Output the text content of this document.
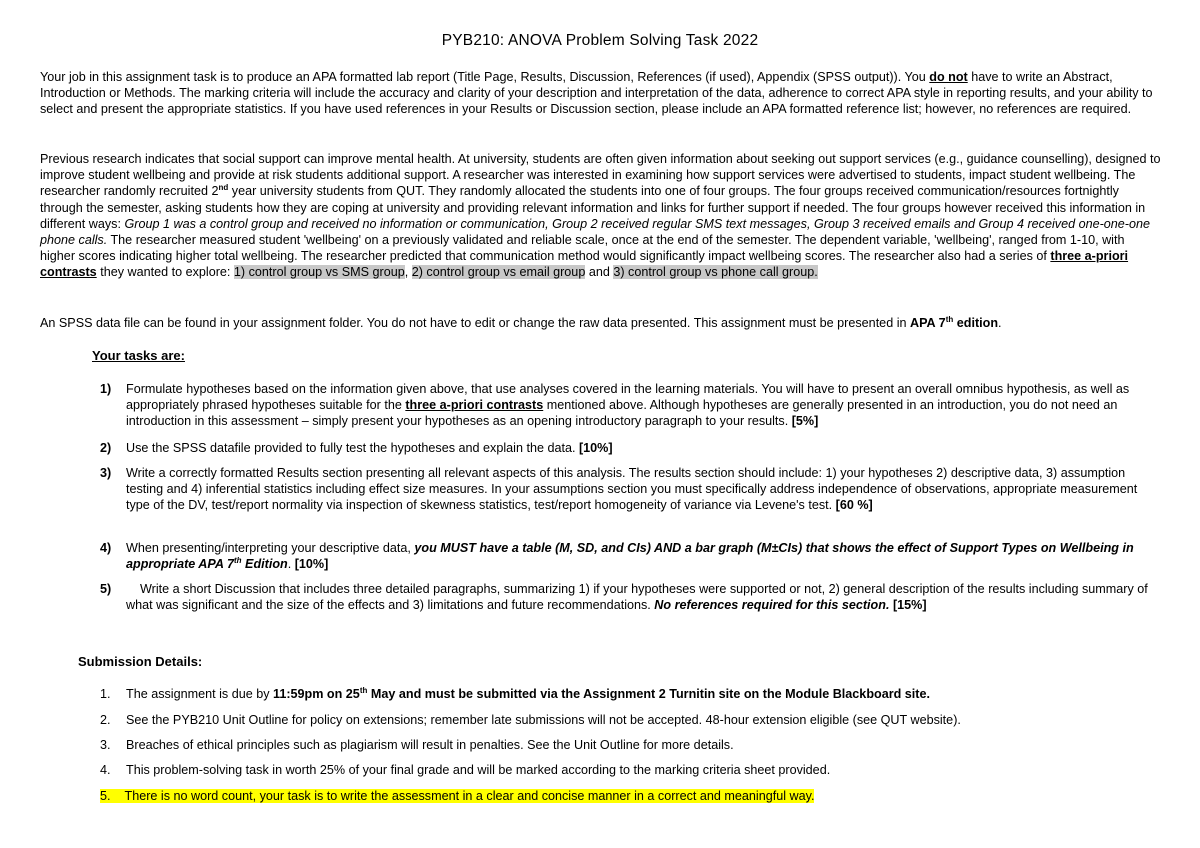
PYB210: ANOVA Problem Solving Task 2022

Your job in this assignment task is to produce an APA formatted lab report (Title Page, Results, Discussion, References (if used), Appendix (SPSS output)). You do not have to write an Abstract, Introduction or Methods. The marking criteria will include the accuracy and clarity of your description and interpretation of the data, adherence to correct APA style in reporting results, and your ability to select and present the appropriate statistics. If you have used references in your Results or Discussion section, please include an APA formatted reference list; however, no references are required.

Previous research indicates that social support can improve mental health. At university, students are often given information about seeking out support services (e.g., guidance counselling), designed to improve student wellbeing and provide at risk students additional support. A researcher was interested in examining how support services were advertised to students, impact student wellbeing. The researcher randomly recruited 2nd year university students from QUT. They randomly allocated the students into one of four groups. The four groups received communication/resources fortnightly through the semester, asking students how they are coping at university and providing relevant information and links for further support if needed. The four groups however received this information in different ways: Group 1 was a control group and received no information or communication, Group 2 received regular SMS text messages, Group 3 received emails and Group 4 received one-one-one phone calls. The researcher measured student 'wellbeing' on a previously validated and reliable scale, once at the end of the semester. The dependent variable, 'wellbeing', ranged from 1-10, with higher scores indicating higher total wellbeing. The researcher predicted that communication method would significantly impact wellbeing scores. The researcher also had a series of three a-priori contrasts they wanted to explore: 1) control group vs SMS group, 2) control group vs email group and 3) control group vs phone call group.

An SPSS data file can be found in your assignment folder. You do not have to edit or change the raw data presented. This assignment must be presented in APA 7th edition.

Your tasks are:
1)	Formulate hypotheses based on the information given above, that use analyses covered in the learning materials. You will have to present an overall omnibus hypothesis, as well as appropriately phrased hypotheses suitable for the three a-priori contrasts mentioned above. Although hypotheses are generally presented in an introduction, you do not need an introduction in this assessment – simply present your hypotheses as an opening introductory paragraph to your results. [5%]
2)	Use the SPSS datafile provided to fully test the hypotheses and explain the data. [10%]
3)	Write a correctly formatted Results section presenting all relevant aspects of this analysis. The results section should include: 1) your hypotheses 2) descriptive data, 3) assumption testing and 4) inferential statistics including effect size measures. In your assumptions section you must specifically address independence of observations, appropriate measurement type of the DV, test/report normality via inspection of skewness statistics, test/report homogeneity of variance via Levene's test. [60 %]
4)	When presenting/interpreting your descriptive data, you MUST have a table (M, SD, and CIs) AND a bar graph (M±CIs) that shows the effect of Support Types on Wellbeing in appropriate APA 7th Edition. [10%]
5)	Write a short Discussion that includes three detailed paragraphs, summarizing 1) if your hypotheses were supported or not, 2) general description of the results including summary of what was significant and the size of the effects and 3) limitations and future recommendations. No references required for this section. [15%]
Submission Details:
1.	The assignment is due by 11:59pm on 25th May and must be submitted via the Assignment 2 Turnitin site on the Module Blackboard site.
2.	See the PYB210 Unit Outline for policy on extensions; remember late submissions will not be accepted. 48-hour extension eligible (see QUT website).
3.	Breaches of ethical principles such as plagiarism will result in penalties. See the Unit Outline for more details.
4.	This problem-solving task in worth 25% of your final grade and will be marked according to the marking criteria sheet provided.
5. There is no word count, your task is to write the assessment in a clear and concise manner in a correct and meaningful way.
